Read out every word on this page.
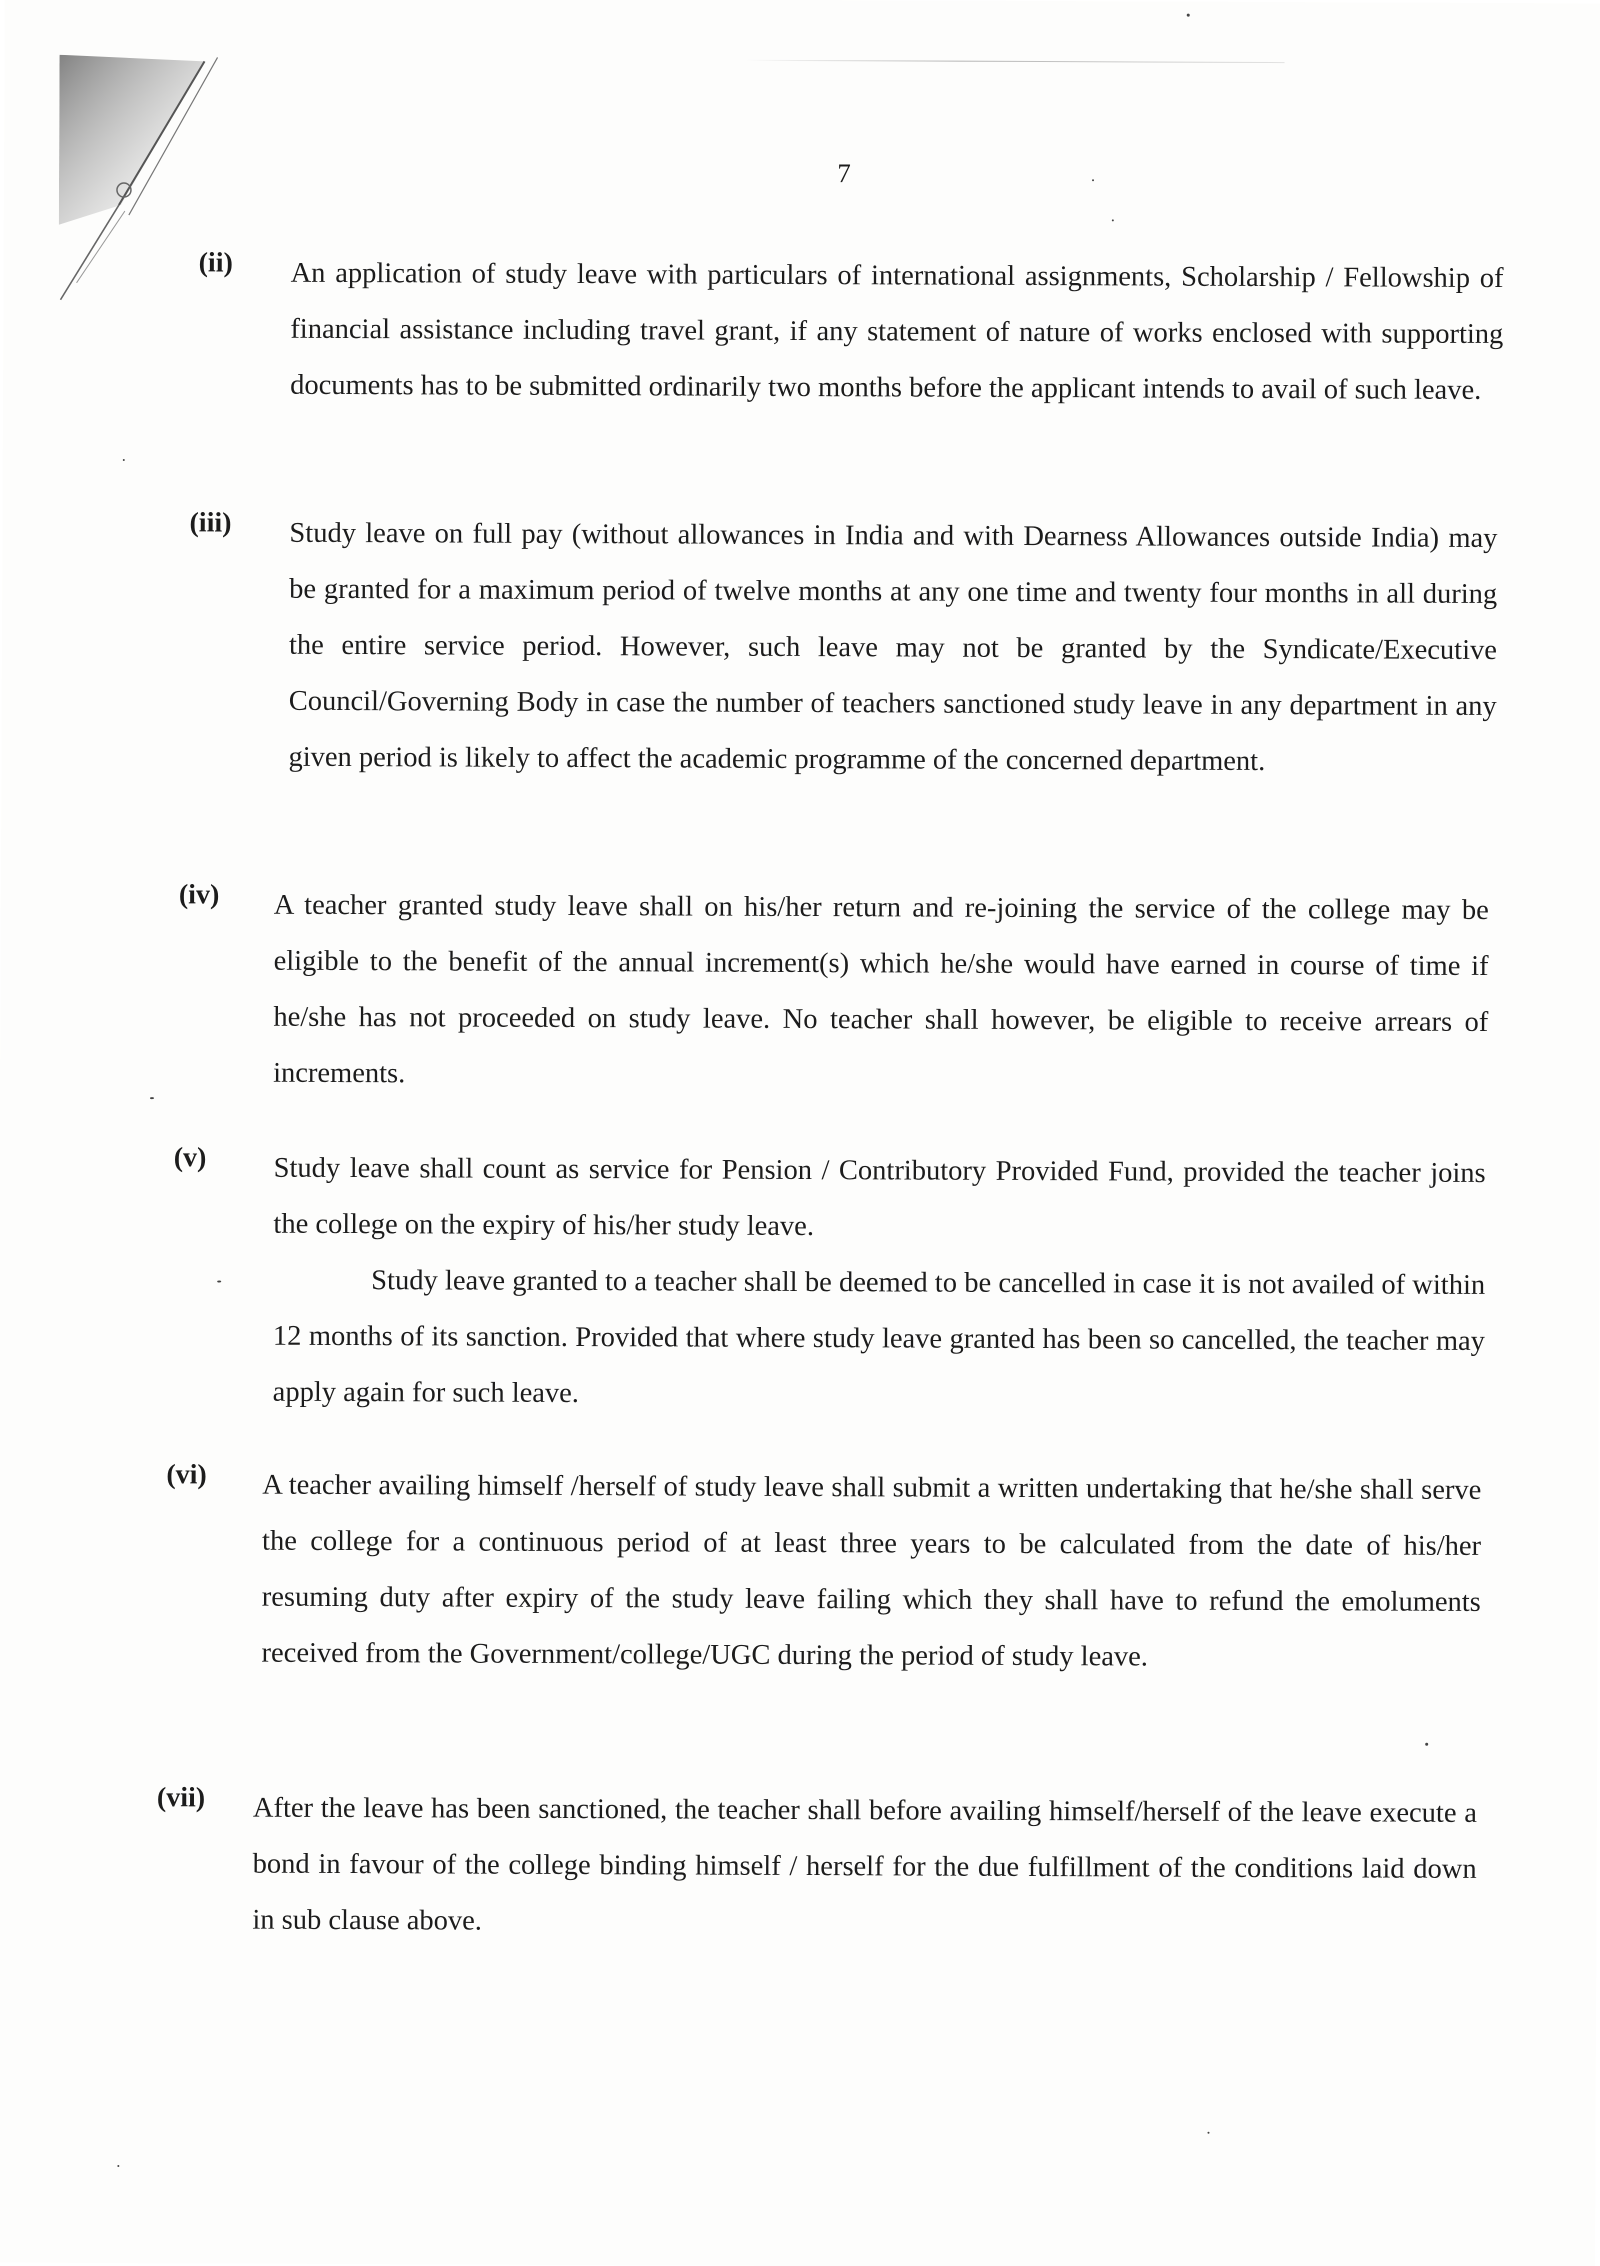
7
(ii) An application of study leave with particulars of international assignments, Scholarship / Fellowship of financial assistance including travel grant, if any statement of nature of works enclosed with supporting documents has to be submitted ordinarily two months before the applicant intends to avail of such leave.

(iii) Study leave on full pay (without allowances in India and with Dearness Allowances outside India) may be granted for a maximum period of twelve months at any one time and twenty four months in all during the entire service period. However, such leave may not be granted by the Syndicate/Executive Council/Governing Body in case the number of teachers sanctioned study leave in any department in any given period is likely to affect the academic programme of the concerned department.

(iv) A teacher granted study leave shall on his/her return and re-joining the service of the college may be eligible to the benefit of the annual increment(s) which he/she would have earned in course of time if he/she has not proceeded on study leave. No teacher shall however, be eligible to receive arrears of increments.

(v) Study leave shall count as service for Pension / Contributory Provided Fund, provided the teacher joins the college on the expiry of his/her study leave.

Study leave granted to a teacher shall be deemed to be cancelled in case it is not availed of within 12 months of its sanction. Provided that where study leave granted has been so cancelled, the teacher may apply again for such leave.

(vi) A teacher availing himself /herself of study leave shall submit a written undertaking that he/she shall serve the college for a continuous period of at least three years to be calculated from the date of his/her resuming duty after expiry of the study leave failing which they shall have to refund the emoluments received from the Government/college/UGC during the period of study leave.

(vii) After the leave has been sanctioned, the teacher shall before availing himself/herself of the leave execute a bond in favour of the college binding himself / herself for the due fulfillment of the conditions laid down in sub clause above.
